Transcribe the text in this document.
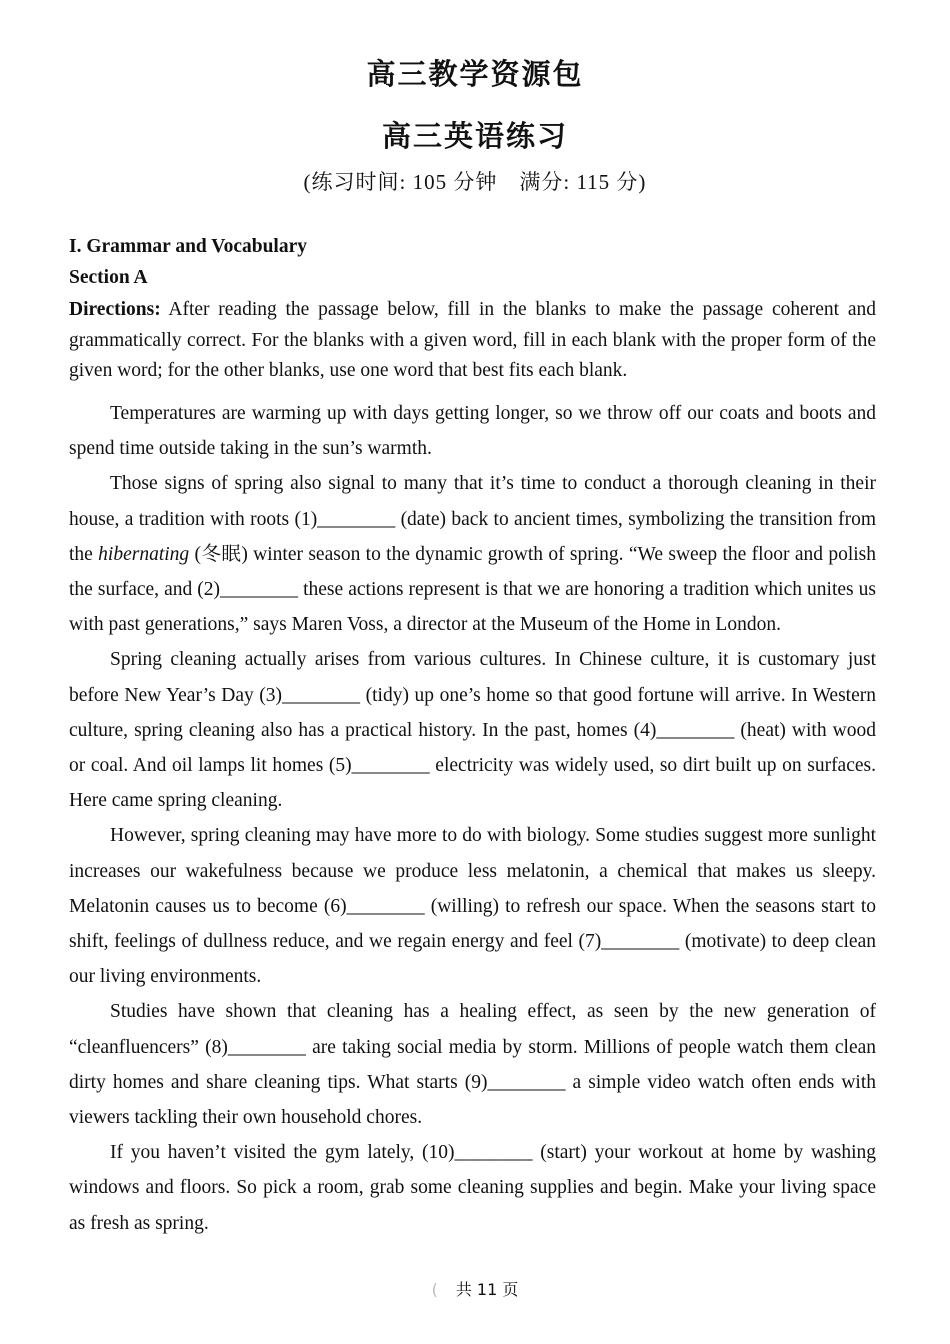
高三教学资源包
高三英语练习
(练习时间: 105 分钟　满分: 115 分)
I. Grammar and Vocabulary
Section A
Directions: After reading the passage below, fill in the blanks to make the passage coherent and grammatically correct. For the blanks with a given word, fill in each blank with the proper form of the given word; for the other blanks, use one word that best fits each blank.

Temperatures are warming up with days getting longer, so we throw off our coats and boots and spend time outside taking in the sun’s warmth.

Those signs of spring also signal to many that it’s time to conduct a thorough cleaning in their house, a tradition with roots (1)________ (date) back to ancient times, symbolizing the transition from the hibernating (冬眠) winter season to the dynamic growth of spring. “We sweep the floor and polish the surface, and (2)________ these actions represent is that we are honoring a tradition which unites us with past generations,” says Maren Voss, a director at the Museum of the Home in London.

Spring cleaning actually arises from various cultures. In Chinese culture, it is customary just before New Year’s Day (3)________ (tidy) up one’s home so that good fortune will arrive. In Western culture, spring cleaning also has a practical history. In the past, homes (4)________ (heat) with wood or coal. And oil lamps lit homes (5)________ electricity was widely used, so dirt built up on surfaces. Here came spring cleaning.

However, spring cleaning may have more to do with biology. Some studies suggest more sunlight increases our wakefulness because we produce less melatonin, a chemical that makes us sleepy. Melatonin causes us to become (6)________ (willing) to refresh our space. When the seasons start to shift, feelings of dullness reduce, and we regain energy and feel (7)________ (motivate) to deep clean our living environments.

Studies have shown that cleaning has a healing effect, as seen by the new generation of “cleanfluencers” (8)________ are taking social media by storm. Millions of people watch them clean dirty homes and share cleaning tips. What starts (9)________ a simple video watch often ends with viewers tackling their own household chores.

If you haven’t visited the gym lately, (10)________ (start) your workout at home by washing windows and floors. So pick a room, grab some cleaning supplies and begin. Make your living space as fresh as spring.

( 共 11 页
